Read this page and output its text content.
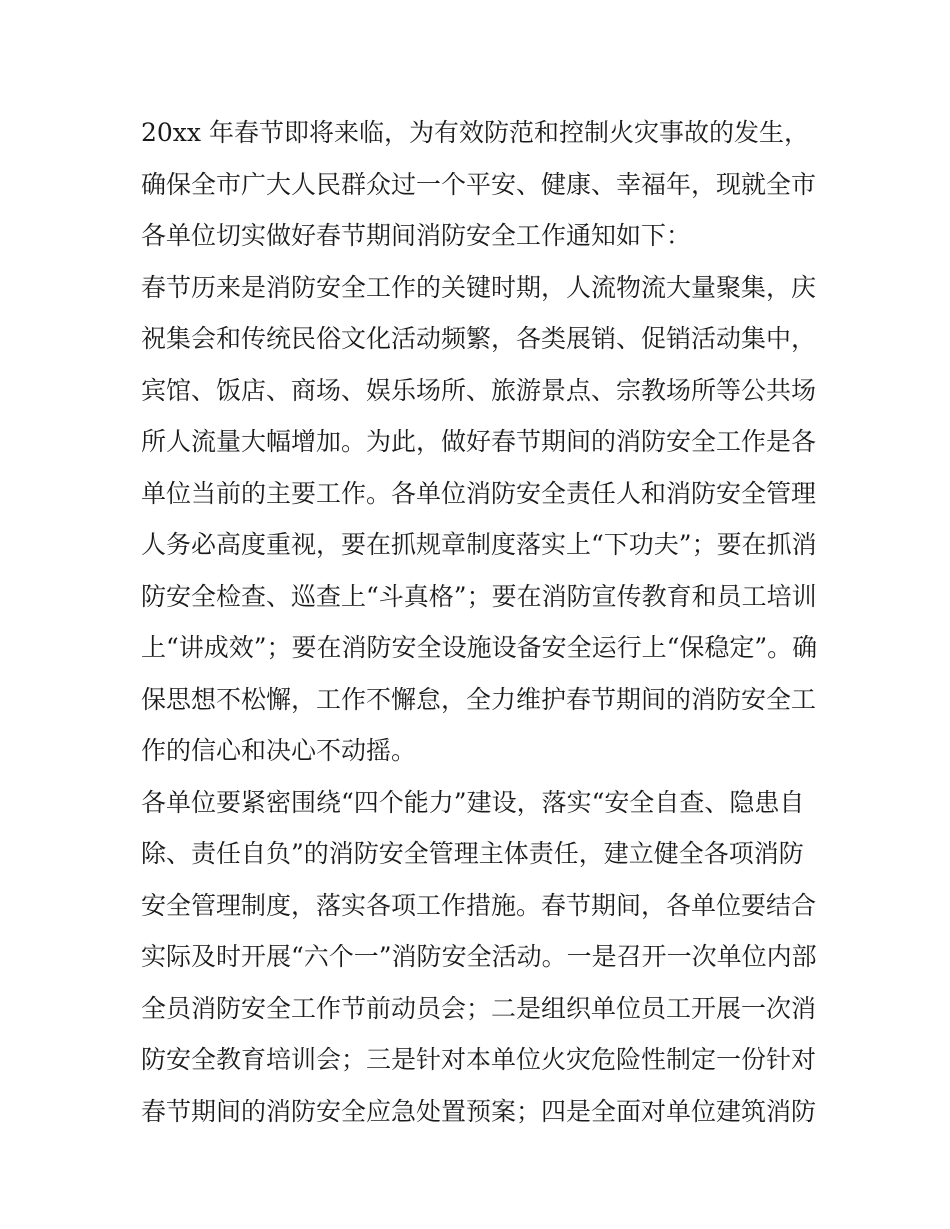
20xx 年春节即将来临，为有效防范和控制火灾事故的发生，
确保全市广大人民群众过一个平安、健康、幸福年，现就全市
各单位切实做好春节期间消防安全工作通知如下：
春节历来是消防安全工作的关键时期，人流物流大量聚集，庆
祝集会和传统民俗文化活动频繁，各类展销、促销活动集中，
宾馆、饭店、商场、娱乐场所、旅游景点、宗教场所等公共场
所人流量大幅增加。为此，做好春节期间的消防安全工作是各
单位当前的主要工作。各单位消防安全责任人和消防安全管理
人务必高度重视，要在抓规章制度落实上“下功夫”；要在抓消
防安全检查、巡查上“斗真格”；要在消防宣传教育和员工培训
上“讲成效”；要在消防安全设施设备安全运行上“保稳定”。确
保思想不松懈，工作不懈怠，全力维护春节期间的消防安全工
作的信心和决心不动摇。
各单位要紧密围绕“四个能力”建设，落实“安全自查、隐患自
除、责任自负”的消防安全管理主体责任，建立健全各项消防
安全管理制度，落实各项工作措施。春节期间，各单位要结合
实际及时开展“六个一”消防安全活动。一是召开一次单位内部
全员消防安全工作节前动员会；二是组织单位员工开展一次消
防安全教育培训会；三是针对本单位火灾危险性制定一份针对
春节期间的消防安全应急处置预案；四是全面对单位建筑消防
